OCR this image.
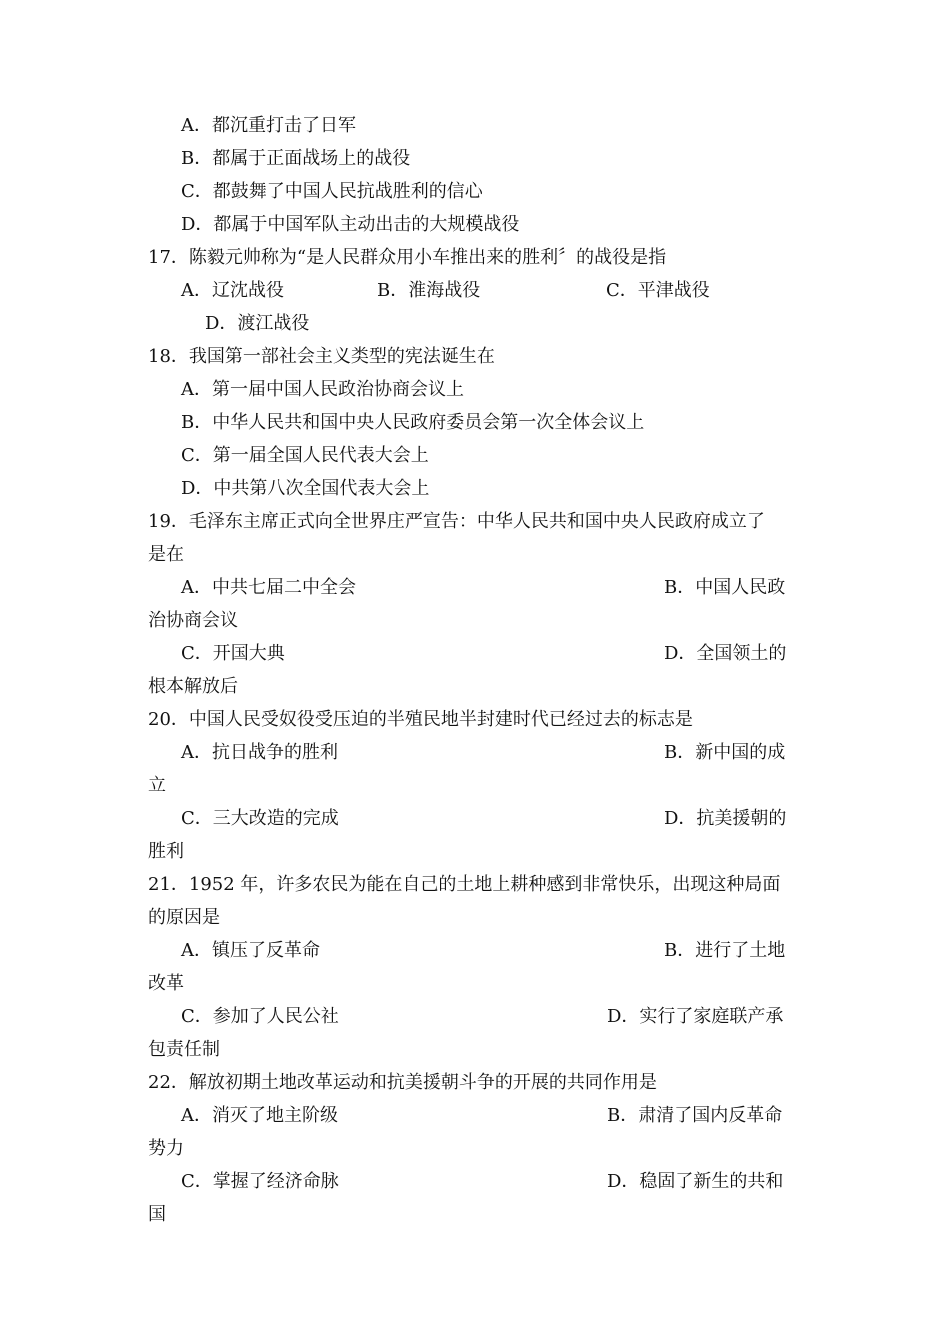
A．都沉重打击了日军
B．都属于正面战场上的战役
C．都鼓舞了中国人民抗战胜利的信心
D．都属于中国军队主动出击的大规模战役
17．陈毅元帅称为“是人民群众用小车推出来的胜利〞的战役是指
A．辽沈战役	B．淮海战役	C．平津战役
D．渡江战役
18．我国第一部社会主义类型的宪法诞生在
A．第一届中国人民政治协商会议上
B．中华人民共和国中央人民政府委员会第一次全体会议上
C．第一届全国人民代表大会上
D．中共第八次全国代表大会上
19．毛泽东主席正式向全世界庄严宣告：中华人民共和国中央人民政府成立了
是在
A．中共七届二中全会	B．中国人民政
治协商会议
C．开国大典	D．全国领土的
根本解放后
20．中国人民受奴役受压迫的半殖民地半封建时代已经过去的标志是
A．抗日战争的胜利	B．新中国的成
立
C．三大改造的完成	D．抗美援朝的
胜利
21．1952 年，许多农民为能在自己的土地上耕种感到非常快乐，出现这种局面
的原因是
A．镇压了反革命	B．进行了土地
改革
C．参加了人民公社	D．实行了家庭联产承
包责任制
22．解放初期土地改革运动和抗美援朝斗争的开展的共同作用是
A．消灭了地主阶级	B．肃清了国内反革命
势力
C．掌握了经济命脉	D．稳固了新生的共和
国
